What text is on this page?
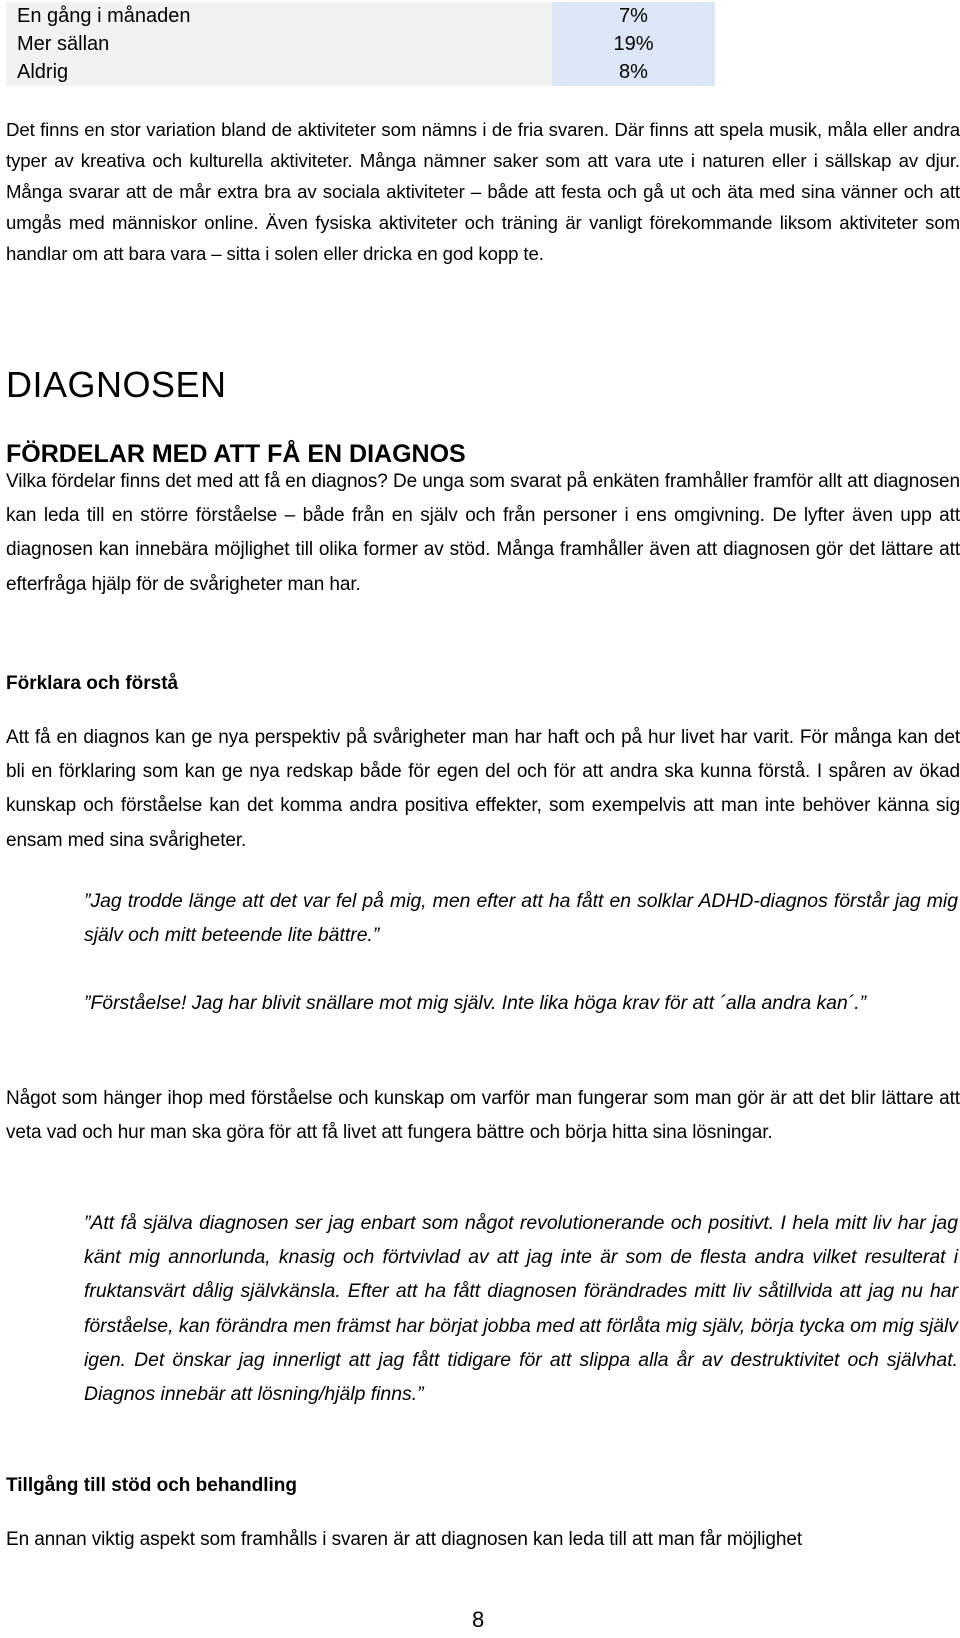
En gång i månaden	7%
Mer sällan	19%
Aldrig	8%

Det finns en stor variation bland de aktiviteter som nämns i de fria svaren. Där finns att spela musik, måla eller andra typer av kreativa och kulturella aktiviteter. Många nämner saker som att vara ute i naturen eller i sällskap av djur. Många svarar att de mår extra bra av sociala aktiviteter – både att festa och gå ut och äta med sina vänner och att umgås med människor online. Även fysiska aktiviteter och träning är vanligt förekommande liksom aktiviteter som handlar om att bara vara – sitta i solen eller dricka en god kopp te.

DIAGNOSEN
FÖRDELAR MED ATT FÅ EN DIAGNOS

Vilka fördelar finns det med att få en diagnos? De unga som svarat på enkäten framhåller framför allt att diagnosen kan leda till en större förståelse – både från en själv och från personer i ens omgivning. De lyfter även upp att diagnosen kan innebära möjlighet till olika former av stöd. Många framhåller även att diagnosen gör det lättare att efterfråga hjälp för de svårigheter man har.

Förklara och förstå

Att få en diagnos kan ge nya perspektiv på svårigheter man har haft och på hur livet har varit. För många kan det bli en förklaring som kan ge nya redskap både för egen del och för att andra ska kunna förstå. I spåren av ökad kunskap och förståelse kan det komma andra positiva effekter, som exempelvis att man inte behöver känna sig ensam med sina svårigheter.

”Jag trodde länge att det var fel på mig, men efter att ha fått en solklar ADHD-diagnos förstår jag mig själv och mitt beteende lite bättre.”

”Förståelse! Jag har blivit snällare mot mig själv. Inte lika höga krav för att ´alla andra kan´.”

Något som hänger ihop med förståelse och kunskap om varför man fungerar som man gör är att det blir lättare att veta vad och hur man ska göra för att få livet att fungera bättre och börja hitta sina lösningar.

”Att få själva diagnosen ser jag enbart som något revolutionerande och positivt. I hela mitt liv har jag känt mig annorlunda, knasig och förtvivlad av att jag inte är som de flesta andra vilket resulterat i fruktansvärt dålig självkänsla. Efter att ha fått diagnosen förändrades mitt liv såtillvida att jag nu har förståelse, kan förändra men främst har börjat jobba med att förlåta mig själv, börja tycka om mig själv igen. Det önskar jag innerligt att jag fått tidigare för att slippa alla år av destruktivitet och självhat. Diagnos innebär att lösning/hjälp finns.”

Tillgång till stöd och behandling

En annan viktig aspekt som framhålls i svaren är att diagnosen kan leda till att man får möjlighet

8
